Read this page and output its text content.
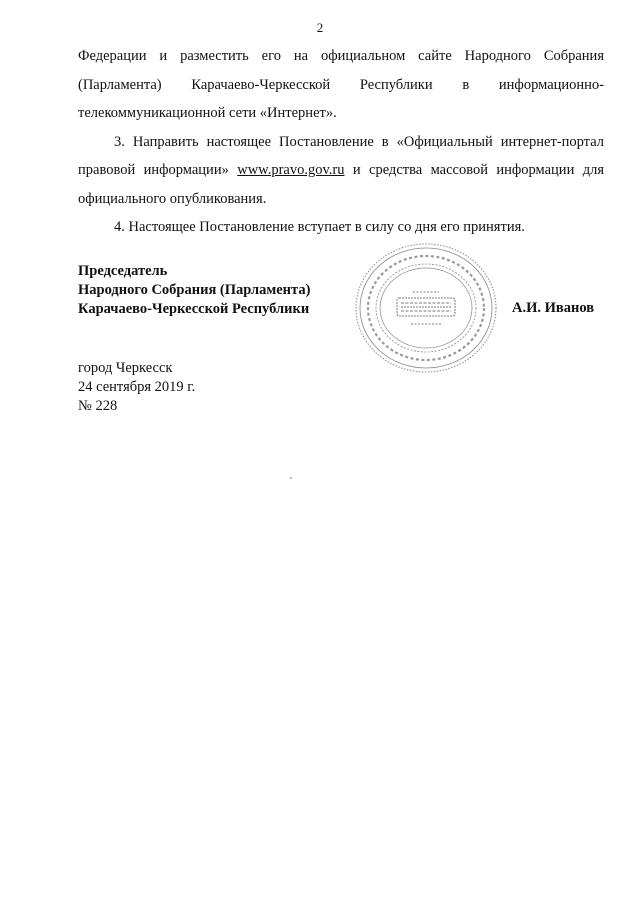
2

Федерации и разместить его на официальном сайте Народного Собрания (Парламента) Карачаево-Черкесской Республики в информационно-телекоммуникационной сети «Интернет».

3. Направить настоящее Постановление в «Официальный интернет-портал правовой информации» www.pravo.gov.ru и средства массовой информации для официального опубликования.

4. Настоящее Постановление вступает в силу со дня его принятия.

Председатель
Народного Собрания (Парламента)
Карачаево-Черкесской Республики	А.И. Иванов
город Черкесск
24 сентября 2019 г.
№ 228
